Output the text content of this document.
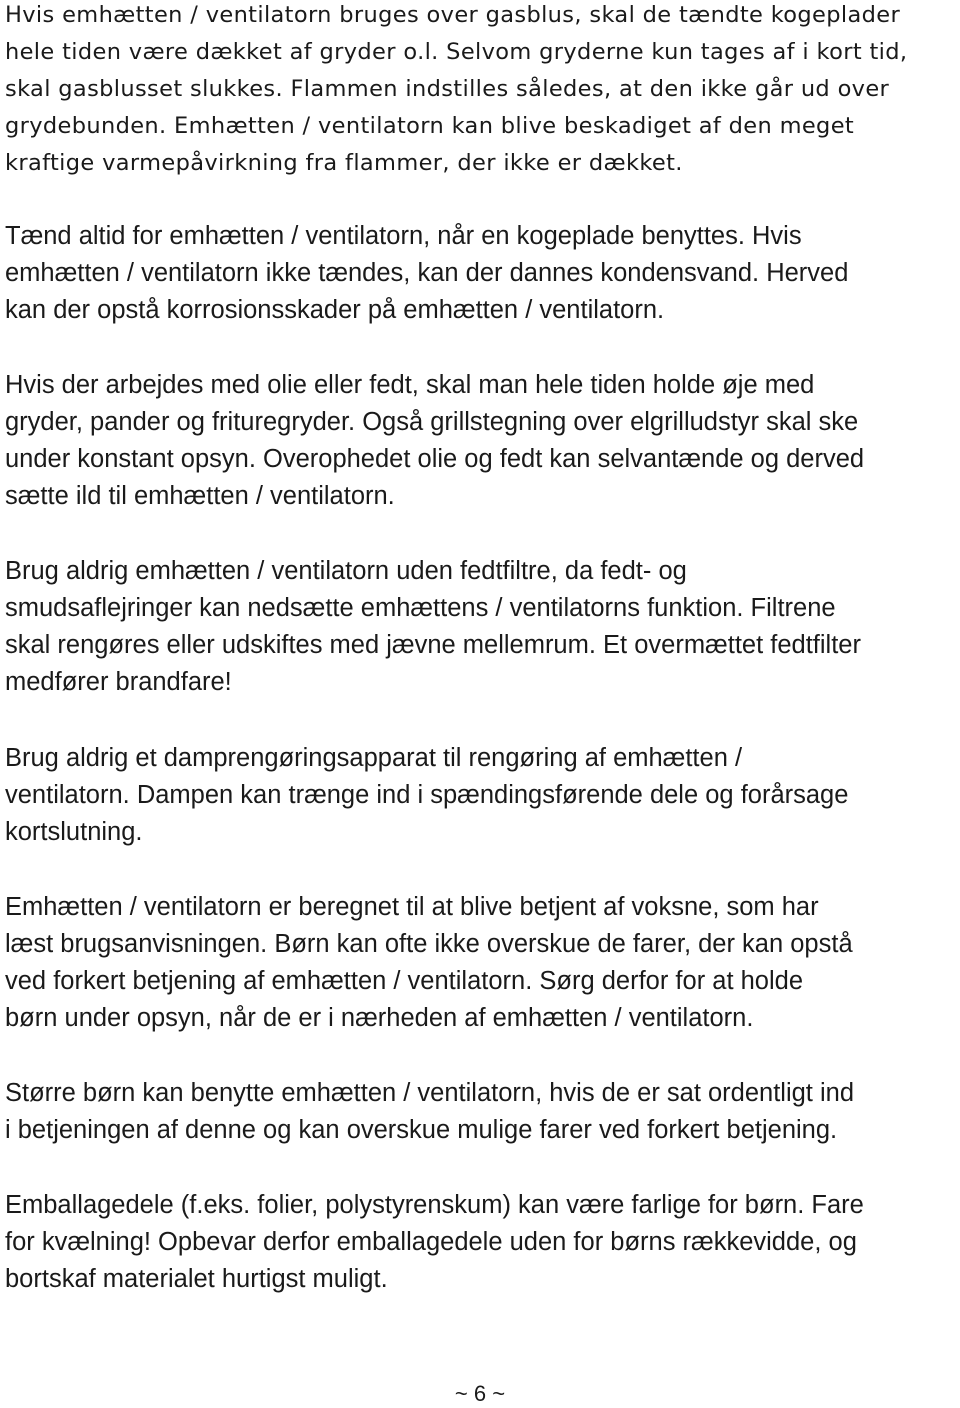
Hvis emhætten / ventilatorn bruges over gasblus, skal de tændte kogeplader
hele tiden være dækket af gryder o.l. Selvom gryderne kun tages af i kort tid,
skal gasblusset slukkes. Flammen indstilles således, at den ikke går ud over
grydebunden. Emhætten / ventilatorn kan blive beskadiget af den meget
kraftige varmepåvirkning fra flammer, der ikke er dækket.

Tænd altid for emhætten / ventilatorn, når en kogeplade benyttes. Hvis
emhætten / ventilatorn ikke tændes, kan der dannes kondensvand. Herved
kan der opstå korrosionsskader på emhætten / ventilatorn.

Hvis der arbejdes med olie eller fedt, skal man hele tiden holde øje med
gryder, pander og frituregryder. Også grillstegning over elgrilludstyr skal ske
under konstant opsyn. Overophedet olie og fedt kan selvantænde og derved
sætte ild til emhætten / ventilatorn.

Brug aldrig emhætten / ventilatorn uden fedtfiltre, da fedt- og
smudsaflejringer kan nedsætte emhættens / ventilatorns funktion. Filtrene
skal rengøres eller udskiftes med jævne mellemrum. Et overmættet fedtfilter
medfører brandfare!

Brug aldrig et damprengøringsapparat til rengøring af emhætten /
ventilatorn. Dampen kan trænge ind i spændingsførende dele og forårsage
kortslutning.

Emhætten / ventilatorn er beregnet til at blive betjent af voksne, som har
læst brugsanvisningen. Børn kan ofte ikke overskue de farer, der kan opstå
ved forkert betjening af emhætten / ventilatorn. Sørg derfor for at holde
børn under opsyn, når de er i nærheden af emhætten / ventilatorn.

Større børn kan benytte emhætten / ventilatorn, hvis de er sat ordentligt ind
i betjeningen af denne og kan overskue mulige farer ved forkert betjening.

Emballagedele (f.eks. folier, polystyrenskum) kan være farlige for børn. Fare
for kvælning! Opbevar derfor emballagedele uden for børns rækkevidde, og
bortskaf materialet hurtigst muligt.

~ 6 ~
